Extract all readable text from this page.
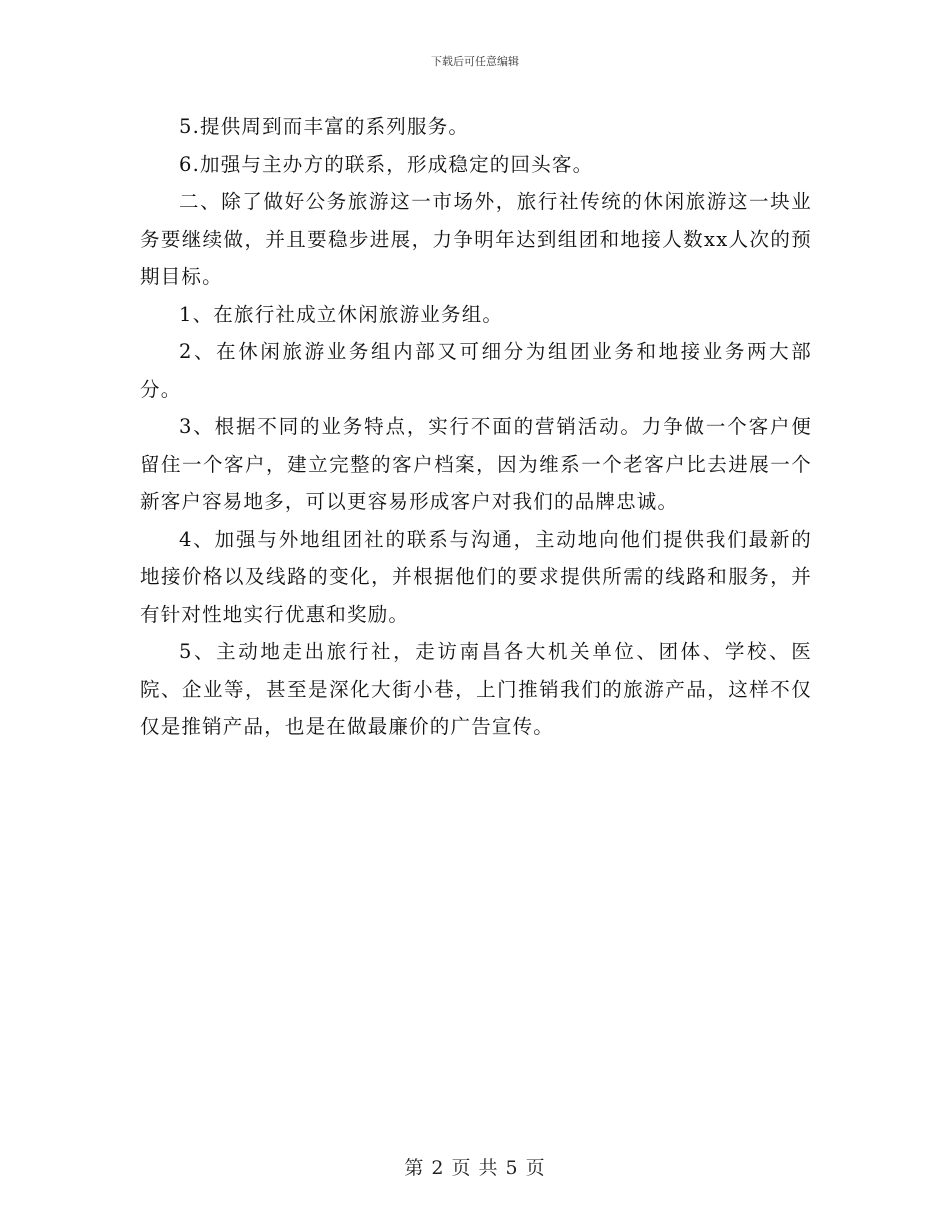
下载后可任意编辑

5.提供周到而丰富的系列服务。

6.加强与主办方的联系，形成稳定的回头客。

二、除了做好公务旅游这一市场外，旅行社传统的休闲旅游这一块业务要继续做，并且要稳步进展，力争明年达到组团和地接人数xx人次的预期目标。

1、在旅行社成立休闲旅游业务组。

2、在休闲旅游业务组内部又可细分为组团业务和地接业务两大部分。

3、根据不同的业务特点，实行不面的营销活动。力争做一个客户便留住一个客户，建立完整的客户档案，因为维系一个老客户比去进展一个新客户容易地多，可以更容易形成客户对我们的品牌忠诚。

4、加强与外地组团社的联系与沟通，主动地向他们提供我们最新的地接价格以及线路的变化，并根据他们的要求提供所需的线路和服务，并有针对性地实行优惠和奖励。

5、主动地走出旅行社，走访南昌各大机关单位、团体、学校、医院、企业等，甚至是深化大街小巷，上门推销我们的旅游产品，这样不仅仅是推销产品，也是在做最廉价的广告宣传。

第 2 页 共 5 页
